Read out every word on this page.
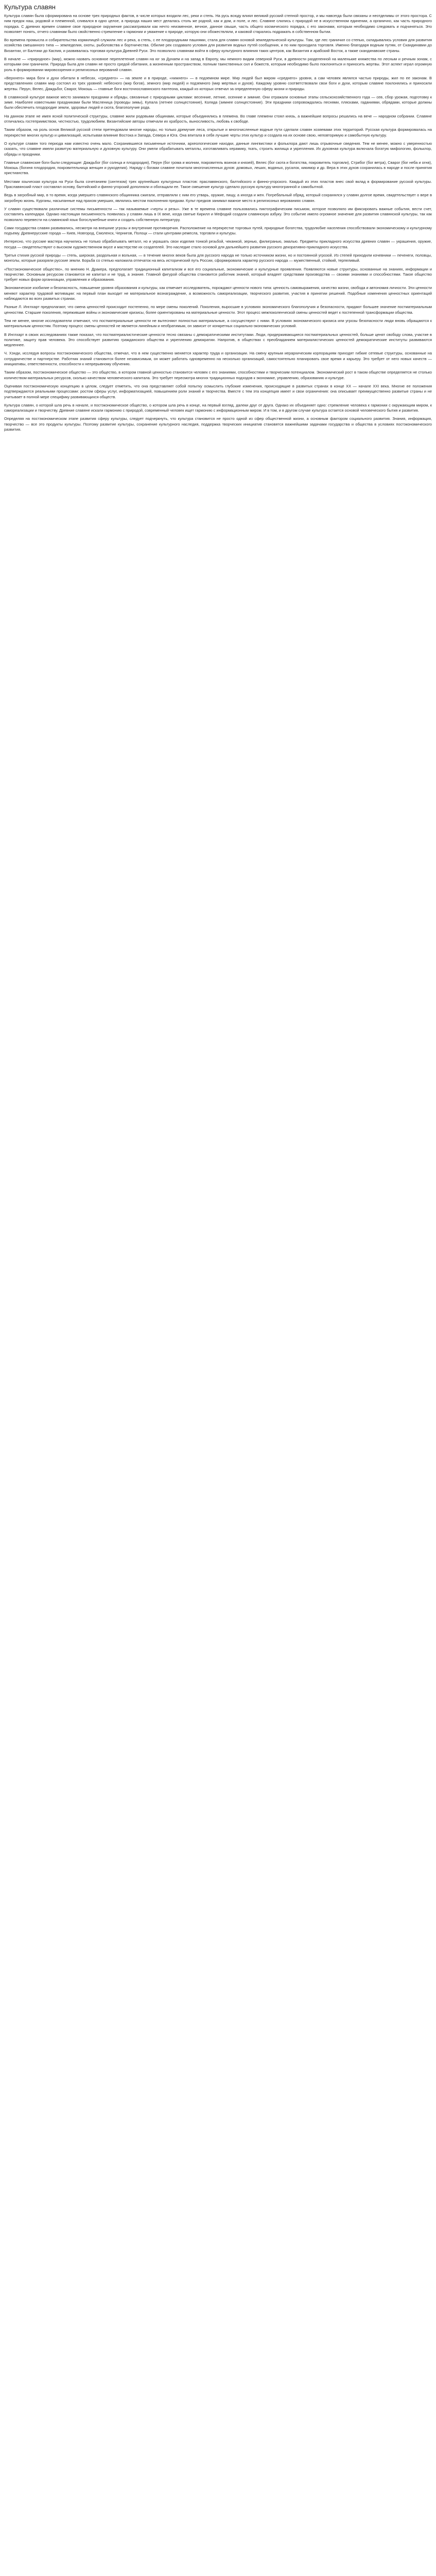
Культура славян

Культура славян была сформирована на основе трех природных фактов, в числе которых входили лес, реки и степь. На русь всюду влиял великий русский степной простор, и мы навсегда были связаны и неотделимы от этого простора. С ним предок наш, родовой и племенной, сливался в одно целое, а природа наших мест делалась столь же родной, как и дом, и поле, и лес. Славяне слились с природой не в искусственном единении, а органично, как часть природного порядка. С древних времен славяне свое природное окружение рассматривали как нечто неизменное, вечное, данное свыше, часть общего космического порядка, с его законами, которым необходимо следовать и подчиняться. Это позволяет понять, отчего славянам было свойственно стремление к гармонии и уважение к природе, которую они обожествляли, и каковой старались подражать в собственном бытии.

Во времена промысла и собирательства кормилицей служили лес и река, а степь, с ее плодородными пашнями, стала для славян основой земледельческой культуры. Там, где лес граничил со степью, складывались условия для развития хозяйства смешанного типа — земледелия, охоты, рыболовства и бортничества. Обилие рек создавало условия для развития водных путей сообщения, и по ним проходила торговля. Именно благодаря водным путям, от Скандинавии до Византии, от Балтики до Каспия, и развивалась торговая культура Древней Руси. Это позволило славянам войти в сферу культурного влияния таких центров, как Византия и арабский Восток, а также скандинавские страны.

В начале — «природное» (мир), можно назвать основное переплетение славян на юг за Дунаем и на запад в Европу, мы немного видим северной Руси, в древности разделенной на маленькие княжества по лесным и речным зонам, с которыми они граничили. Природа была для славян не просто средой обитания, а жизненным пространством, полным таинственных сил и божеств, которым необходимо было поклоняться и приносить жертвы. Этот аспект играл огромную роль в формировании мировоззрения и религиозных верований славян.

«Верхнего» мира боги и духи обитали в небесах, «среднего» — на земле и в природе, «нижнего» — в подземном мире. Мир людей был миром «среднего» уровня, а сам человек являлся частью природы, жил по ее законам. В представлениях славян мир состоял из трех уровней: небесного (мир богов), земного (мир людей) и подземного (мир мертвых и духов). Каждому уровню соответствовали свои боги и духи, которым славяне поклонялись и приносили жертвы. Перун, Велес, Даждьбог, Сварог, Мокошь — главные боги восточнославянского пантеона, каждый из которых отвечал за определенную сферу жизни и природы.

В славянской культуре важное место занимали праздники и обряды, связанные с природными циклами: весенние, летние, осенние и зимние. Они отражали основные этапы сельскохозяйственного года — сев, сбор урожая, подготовку к зиме. Наиболее известными праздниками были Масленица (проводы зимы), Купала (летнее солнцестояние), Коляда (зимнее солнцестояние). Эти праздники сопровождались песнями, плясками, гаданиями, обрядами, которые должны были обеспечить плодородие земли, здоровье людей и скота, благополучие рода.

На данном этапе не имея ясной политической структуры, славяне жили родовыми общинами, которые объединялись в племена. Во главе племени стоял князь, а важнейшие вопросы решались на вече — народном собрании. Славяне отличались гостеприимством, честностью, трудолюбием. Византийские авторы отмечали их храбрость, выносливость, любовь к свободе.

Таким образом, на роль основ Великой русской степи претендовали многие народы, но только дремучие леса, открытые и многочисленные водные пути сделали славян хозяевами этих территорий. Русская культура формировалась на перекрестке многих культур и цивилизаций, испытывая влияние Востока и Запада, Севера и Юга. Она впитала в себя лучшие черты этих культур и создала на их основе свою, неповторимую и самобытную культуру.

О культуре славян того периода нам известно очень мало. Сохранившиеся письменные источники, археологические находки, данные лингвистики и фольклора дают лишь отрывочные сведения. Тем не менее, можно с уверенностью сказать, что славяне имели развитую материальную и духовную культуру. Они умели обрабатывать металлы, изготавливать керамику, ткать, строить жилища и укрепления. Их духовная культура включала богатую мифологию, фольклор, обряды и праздники.

Главные славянские боги были следующие: Даждьбог (бог солнца и плодородия), Перун (бог грома и молнии, покровитель воинов и князей), Велес (бог скота и богатства, покровитель торговли), Стрибог (бог ветра), Сварог (бог неба и огня), Мокошь (богиня плодородия, покровительница женщин и рукоделия). Наряду с богами славяне почитали многочисленных духов: домовых, леших, водяных, русалок, кикимор и др. Вера в этих духов сохранилась в народе и после принятия христианства.

Местами языческая культура на Руси была сочетанием (синтезом) трех крупнейших культурных пластов: праславянского, балтийского и финно-угорского. Каждый из этих пластов внес свой вклад в формирование русской культуры. Праславянский пласт составлял основу, балтийский и финно-угорский дополняли и обогащали ее. Такое смешение культур сделало русскую культуру многогранной и самобытной.

Ведь в загробный мир, в то время, когда умершего славянского общинника сжигали, отправляли с ним его утварь, оружие, пищу, а иногда и жен. Погребальный обряд, который сохранялся у славян долгое время, свидетельствует о вере в загробную жизнь. Курганы, насыпанные над прахом умерших, являлись местом поклонения предкам. Культ предков занимал важное место в религиозных верованиях славян.

У славян существовали различные системы письменности — так называемые «черты и резы». Уже в те времена славяне пользовались пиктографическим письмом, которое позволяло им фиксировать важные события, вести счет, составлять календари. Однако настоящая письменность появилась у славян лишь в IX веке, когда святые Кирилл и Мефодий создали славянскую азбуку. Это событие имело огромное значение для развития славянской культуры, так как позволило перевести на славянский язык богослужебные книги и создать собственную литературу.

Сами государства славян развивались, несмотря на внешние угрозы и внутренние противоречия. Расположение на перекрестке торговых путей, природные богатства, трудолюбие населения способствовали экономическому и культурному подъему. Древнерусские города — Киев, Новгород, Смоленск, Чернигов, Полоцк — стали центрами ремесла, торговли и культуры.

Интересно, что русские мастера научились не только обрабатывать металл, но и украшать свои изделия тонкой резьбой, чеканкой, зернью, филигранью, эмалью. Предметы прикладного искусства древних славян — украшения, оружие, посуда — свидетельствуют о высоком художественном вкусе и мастерстве их создателей. Это наследие стало основой для дальнейшего развития русского декоративно-прикладного искусства.

Третья стихия русской природы — степь, широкая, раздольная и вольная, — в течение многих веков была для русского народа не только источником жизни, но и постоянной угрозой. Из степей приходили кочевники — печенеги, половцы, монголы, которые разоряли русские земли. Борьба со степью наложила отпечаток на весь исторический путь России, сформировала характер русского народа — мужественный, стойкий, терпеливый.

«Постэкономическое общество», по мнению Н. Дракера, предполагает традиционный капитализм и все его социальные, экономические и культурные проявления. Появляются новые структуры, основанные на знаниях, информации и творчестве. Основным ресурсом становится не капитал и не труд, а знание. Главной фигурой общества становится работник знаний, который владеет средствами производства — своими знаниями и способностями. Такое общество требует новых форм организации, управления и образования.

Экономическое изобилие и безопасность, повышение уровня образования и культуры, как отмечает исследователь, порождают ценности нового типа: ценность самовыражения, качество жизни, свобода и автономия личности. Эти ценности меняют характер трудовой мотивации: на первый план выходит не материальное вознаграждение, а возможность самореализации, творческого развития, участия в принятии решений. Подобные изменения ценностных ориентаций наблюдаются во всех развитых странах.

Разные Л. Инглхарт предполагают, что смена ценностей происходит постепенно, по мере смены поколений. Поколения, выросшие в условиях экономического благополучия и безопасности, придают большее значение постматериальным ценностям. Старшие поколения, пережившие войны и экономические кризисы, более ориентированы на материальные ценности. Этот процесс межпоколенческой смены ценностей ведет к постепенной трансформации общества.

Тем не менее, многие исследователи отмечают, что постматериальные ценности не вытесняют полностью материальные, а сосуществуют с ними. В условиях экономического кризиса или угрозы безопасности люди вновь обращаются к материальным ценностям. Поэтому процесс смены ценностей не является линейным и необратимым, он зависит от конкретных социально-экономических условий.

В Инглхарт в своих исследованиях также показал, что постматериалистические ценности тесно связаны с демократическими институтами. Люди, придерживающиеся постматериальных ценностей, больше ценят свободу слова, участие в политике, защиту прав человека. Это способствует развитию гражданского общества и укреплению демократии. Напротив, в обществах с преобладанием материалистических ценностей демократические институты развиваются медленнее.

Ч. Хэнди, исследуя вопросы постэкономического общества, отмечал, что в нем существенно меняется характер труда и организации. На смену крупным иерархическим корпорациям приходят гибкие сетевые структуры, основанные на сотрудничестве и партнерстве. Работник знаний становится более независимым, он может работать одновременно на несколько организаций, самостоятельно планировать свое время и карьеру. Это требует от него новых качеств — инициативы, ответственности, способности к непрерывному обучению.

Таким образом, постэкономическое общество — это общество, в котором главной ценностью становится человек с его знаниями, способностями и творческим потенциалом. Экономический рост в таком обществе определяется не столько количеством материальных ресурсов, сколько качеством человеческого капитала. Это требует пересмотра многих традиционных подходов к экономике, управлению, образованию и культуре.

Оценивая постэкономическую концепцию в целом, следует отметить, что она представляет собой попытку осмыслить глубокие изменения, происходящие в развитых странах в конце XX — начале XXI века. Многие ее положения подтверждаются реальными процессами: ростом сферы услуг, информатизацией, повышением роли знаний и творчества. Вместе с тем эта концепция имеет и свои ограничения: она описывает преимущественно развитые страны и не учитывает в полной мере специфику развивающихся обществ.

Культура славян, о которой шла речь в начале, и постэкономическое общество, о котором шла речь в конце, на первый взгляд, далеки друг от друга. Однако их объединяет одно: стремление человека к гармонии с окружающим миром, к самореализации и творчеству. Древние славяне искали гармонию с природой, современный человек ищет гармонию с информационным миром. И в том, и в другом случае культура остается основой человеческого бытия и развития.

Определяя на постэкономическом этапе развития сферу культуры, следует подчеркнуть, что культура становится не просто одной из сфер общественной жизни, а основным фактором социального развития. Знания, информация, творчество — все это продукты культуры. Поэтому развитие культуры, сохранение культурного наследия, поддержка творческих инициатив становятся важнейшими задачами государства и общества в условиях постэкономического развития.
